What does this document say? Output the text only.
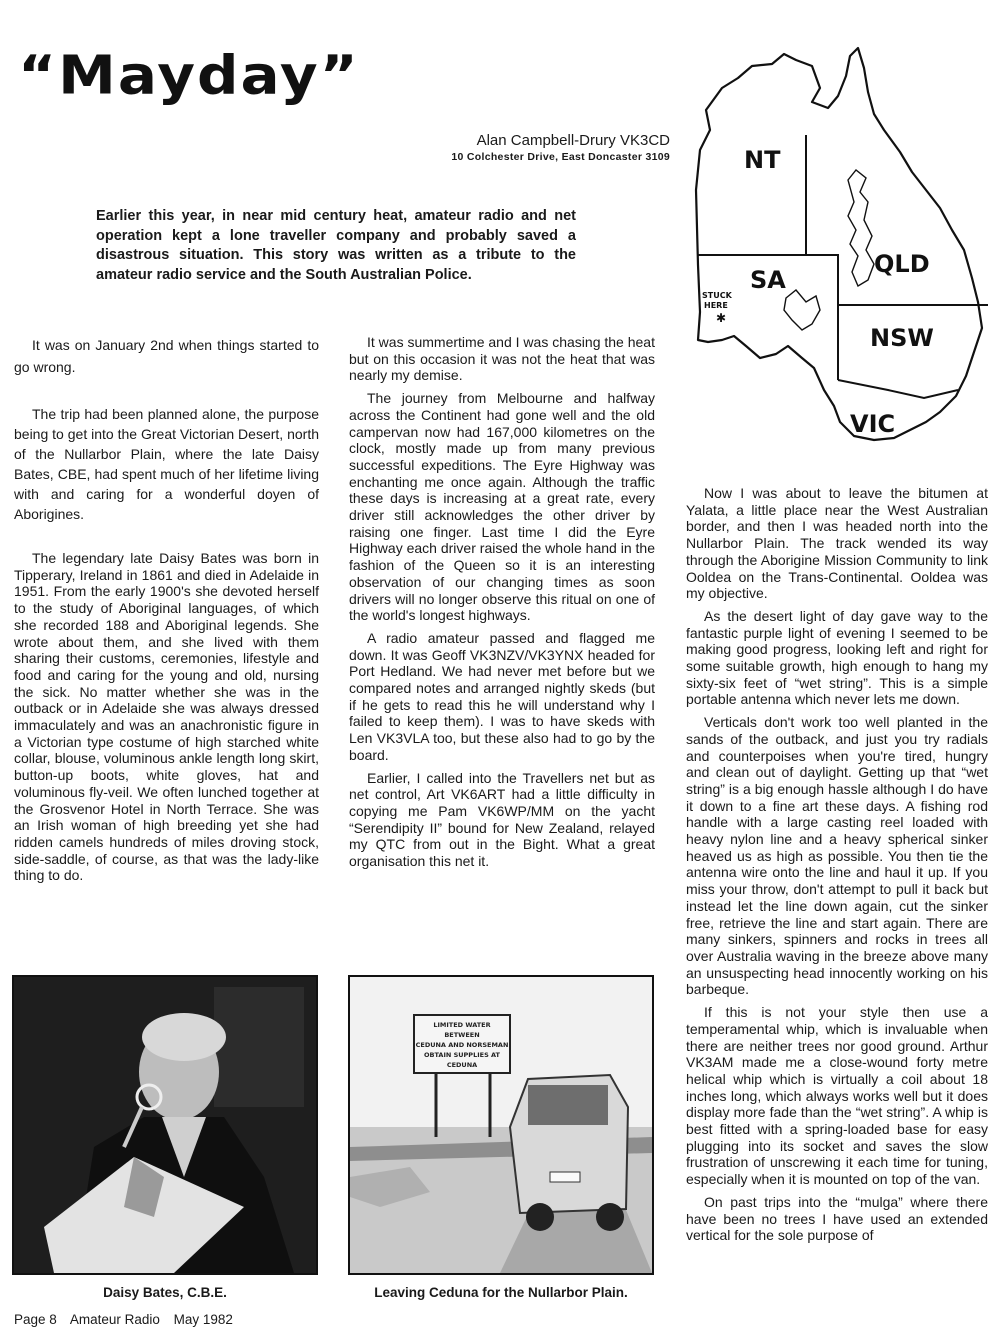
“Mayday”
Alan Campbell-Drury VK3CD
10 Colchester Drive, East Doncaster 3109
Earlier this year, in near mid century heat, amateur radio and net operation kept a lone traveller company and probably saved a disastrous situation. This story was written as a tribute to the amateur radio service and the South Australian Police.

It was on January 2nd when things started to go wrong.

The trip had been planned alone, the purpose being to get into the Great Victorian Desert, north of the Nullarbor Plain, where the late Daisy Bates, CBE, had spent much of her lifetime living with and caring for a wonderful doyen of Aborigines.

The legendary late Daisy Bates was born in Tipperary, Ireland in 1861 and died in Adelaide in 1951. From the early 1900's she devoted herself to the study of Aboriginal languages, of which she recorded 188 and Aboriginal legends. She wrote about them, and she lived with them sharing their customs, ceremonies, lifestyle and food and caring for the young and old, nursing the sick. No matter whether she was in the outback or in Adelaide she was always dressed immaculately and was an anachronistic figure in a Victorian type costume of high starched white collar, blouse, voluminous ankle length long skirt, button-up boots, white gloves, hat and voluminous fly-veil. We often lunched together at the Grosvenor Hotel in North Terrace. She was an Irish woman of high breeding yet she had ridden camels hundreds of miles droving stock, side-saddle, of course, as that was the lady-like thing to do.

It was summertime and I was chasing the heat but on this occasion it was not the heat that was nearly my demise.

The journey from Melbourne and halfway across the Continent had gone well and the old campervan now had 167,000 kilometres on the clock, mostly made up from many previous successful expeditions. The Eyre Highway was enchanting me once again. Although the traffic these days is increasing at a great rate, every driver still acknowledges the other driver by raising one finger. Last time I did the Eyre Highway each driver raised the whole hand in the fashion of the Queen so it is an interesting observation of our changing times as soon drivers will no longer observe this ritual on one of the world's longest highways.

A radio amateur passed and flagged me down. It was Geoff VK3NZV/VK3YNX headed for Port Hedland. We had never met before but we compared notes and arranged nightly skeds (but if he gets to read this he will understand why I failed to keep them). I was to have skeds with Len VK3VLA too, but these also had to go by the board.

Earlier, I called into the Travellers net but as net control, Art VK6ART had a little difficulty in copying me Pam VK6WP/MM on the yacht “Serendipity II” bound for New Zealand, relayed my QTC from out in the Bight. What a great organisation this net it.

Now I was about to leave the bitumen at Yalata, a little place near the West Australian border, and then I was headed north into the Nullarbor Plain. The track wended its way through the Aborigine Mission Community to link Ooldea on the Trans-Continental. Ooldea was my objective.

As the desert light of day gave way to the fantastic purple light of evening I seemed to be making good progress, looking left and right for some suitable growth, high enough to hang my sixty-six feet of “wet string”. This is a simple portable antenna which never lets me down.

Verticals don't work too well planted in the sands of the outback, and just you try radials and counterpoises when you're tired, hungry and clean out of daylight. Getting up that “wet string” is a big enough hassle although I do have it down to a fine art these days. A fishing rod handle with a large casting reel loaded with heavy nylon line and a heavy spherical sinker heaved us as high as possible. You then tie the antenna wire onto the line and haul it up. If you miss your throw, don't attempt to pull it back but instead let the line down again, cut the sinker free, retrieve the line and start again. There are many sinkers, spinners and rocks in trees all over Australia waving in the breeze above many an unsuspecting head innocently working on his barbeque.

If this is not your style then use a temperamental whip, which is invaluable when there are neither trees nor good ground. Arthur VK3AM made me a close-wound forty metre helical whip which is virtually a coil about 18 inches long, which always works well but it does display more fade than the “wet string”. A whip is best fitted with a spring-loaded base for easy plugging into its socket and saves the slow frustration of unscrewing it each time for tuning, especially when it is mounted on top of the van.

On past trips into the “mulga” where there have been no trees I have used an extended vertical for the sole purpose of

NT
QLD
SA
NSW
VIC
STUCK
HERE
✱
Daisy Bates, C.B.E.
LIMITED WATER
BETWEEN
CEDUNA AND NORSEMAN
OBTAIN SUPPLIES AT
CEDUNA
Leaving Ceduna for the Nullarbor Plain.
Page 8 Amateur Radio May 1982
